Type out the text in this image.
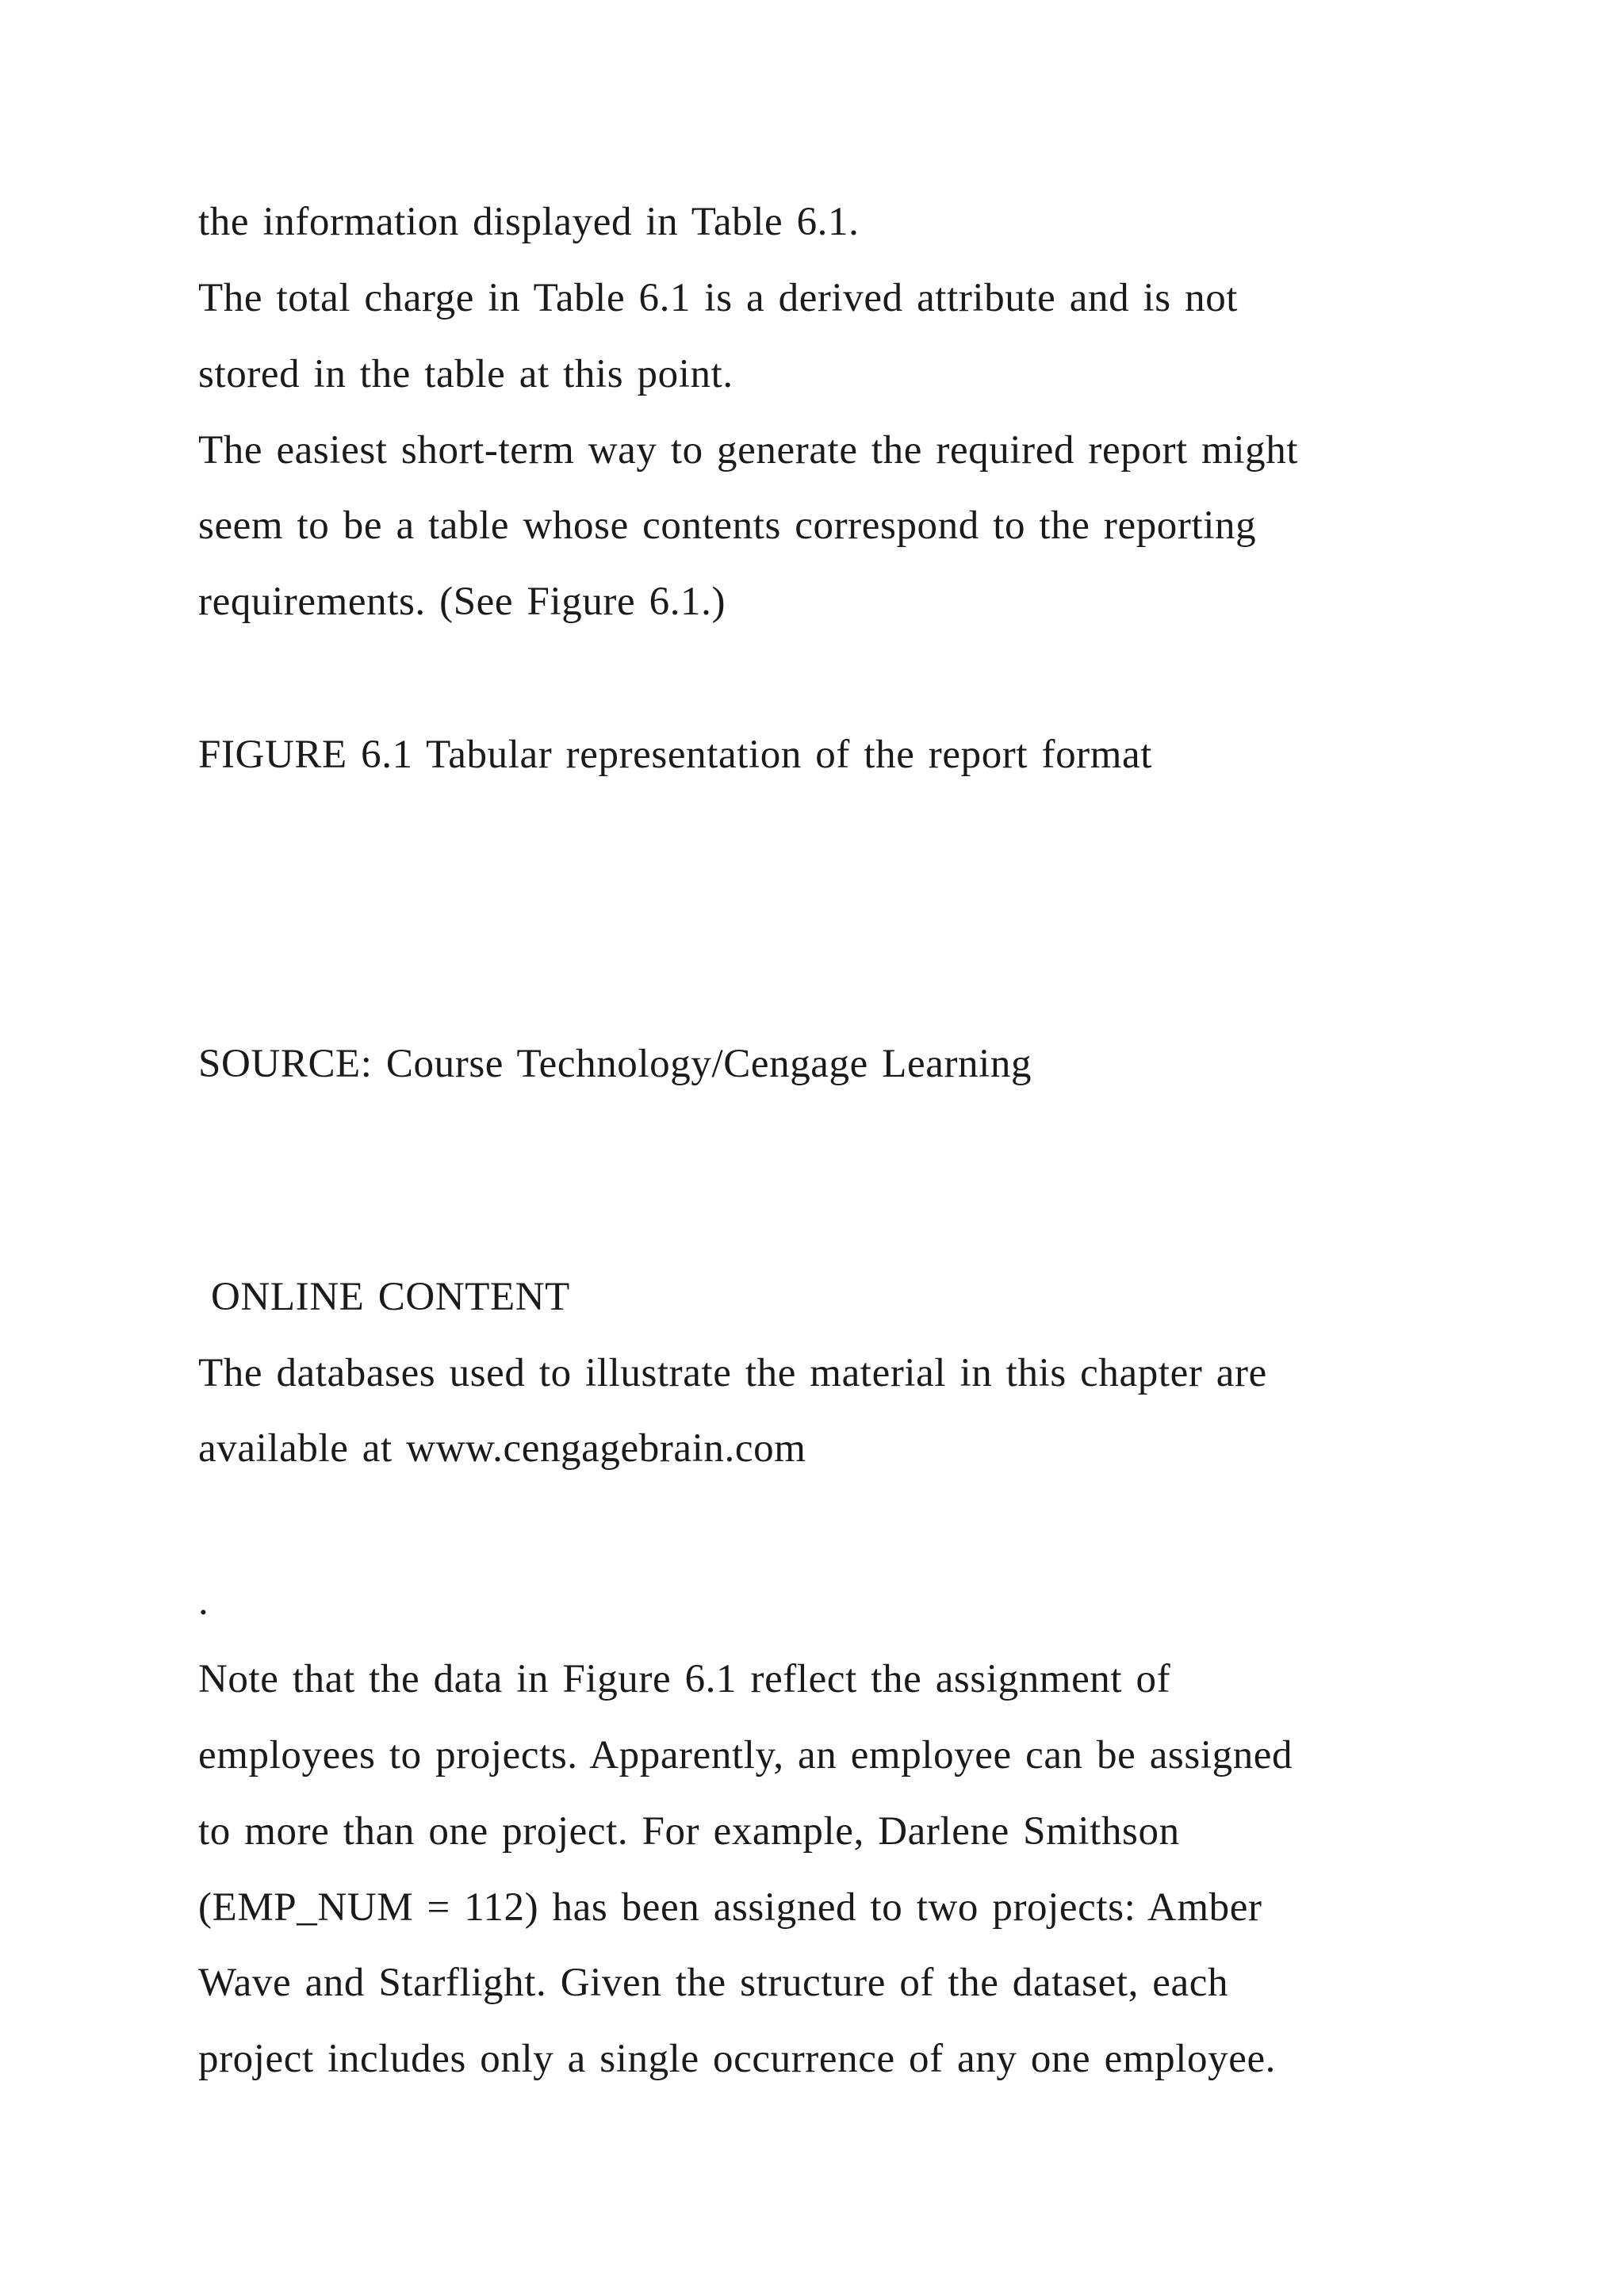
the information displayed in Table 6.1.

The total charge in Table 6.1 is a derived attribute and is not

stored in the table at this point.

The easiest short-term way to generate the required report might

seem to be a table whose contents correspond to the reporting

requirements. (See Figure 6.1.)

FIGURE 6.1 Tabular representation of the report format

SOURCE: Course Technology/Cengage Learning

ONLINE CONTENT

The databases used to illustrate the material in this chapter are

available at www.cengagebrain.com

.

Note that the data in Figure 6.1 reflect the assignment of

employees to projects. Apparently, an employee can be assigned

to more than one project. For example, Darlene Smithson

(EMP_NUM = 112) has been assigned to two projects: Amber

Wave and Starflight. Given the structure of the dataset, each

project includes only a single occurrence of any one employee.
